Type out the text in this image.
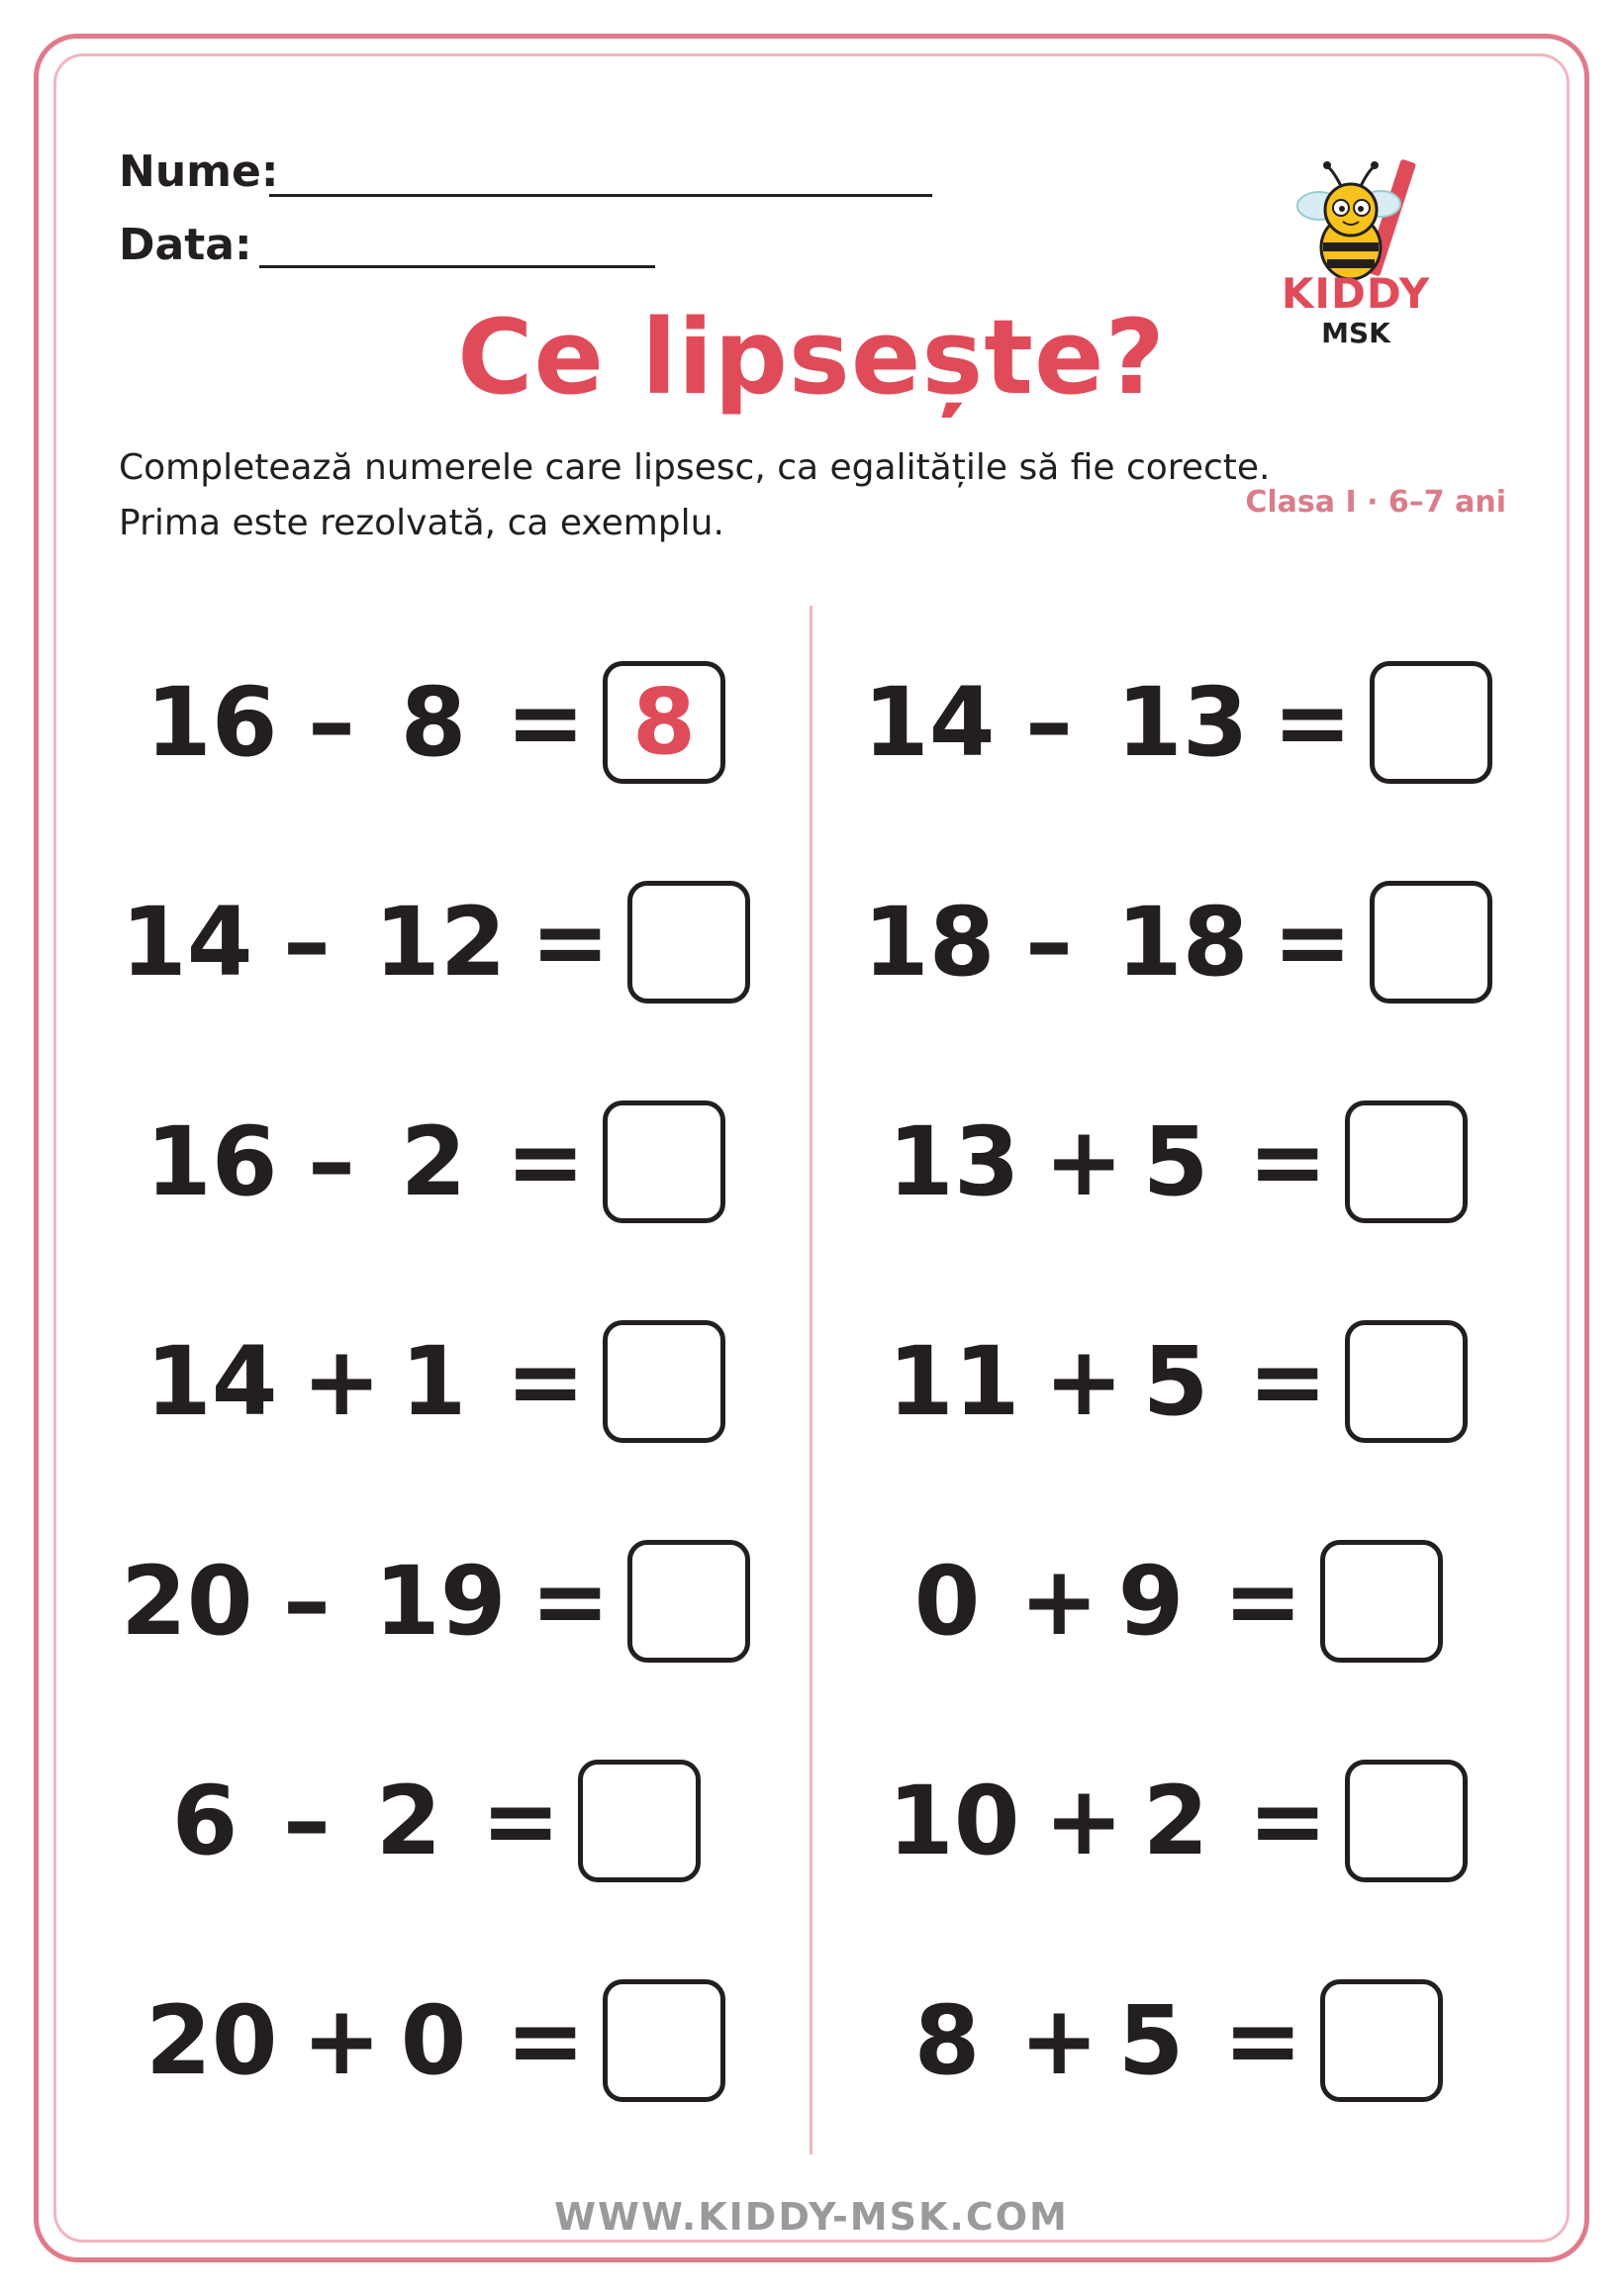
Nume:
Data:
KIDDY
MSK
Ce lipsește?
Completează numerele care lipsesc, ca egalitățile să fie corecte.
Prima este rezolvată, ca exemplu.
Clasa I · 6–7 ani
16 – 8 = 8
14 – 12 =
16 – 2 =
14 + 1 =
20 – 19 =
6 – 2 =
20 + 0 =
14 – 13 =
18 – 18 =
13 + 5 =
11 + 5 =
0 + 9 =
10 + 2 =
8 + 5 =
WWW.KIDDY-MSK.COM
